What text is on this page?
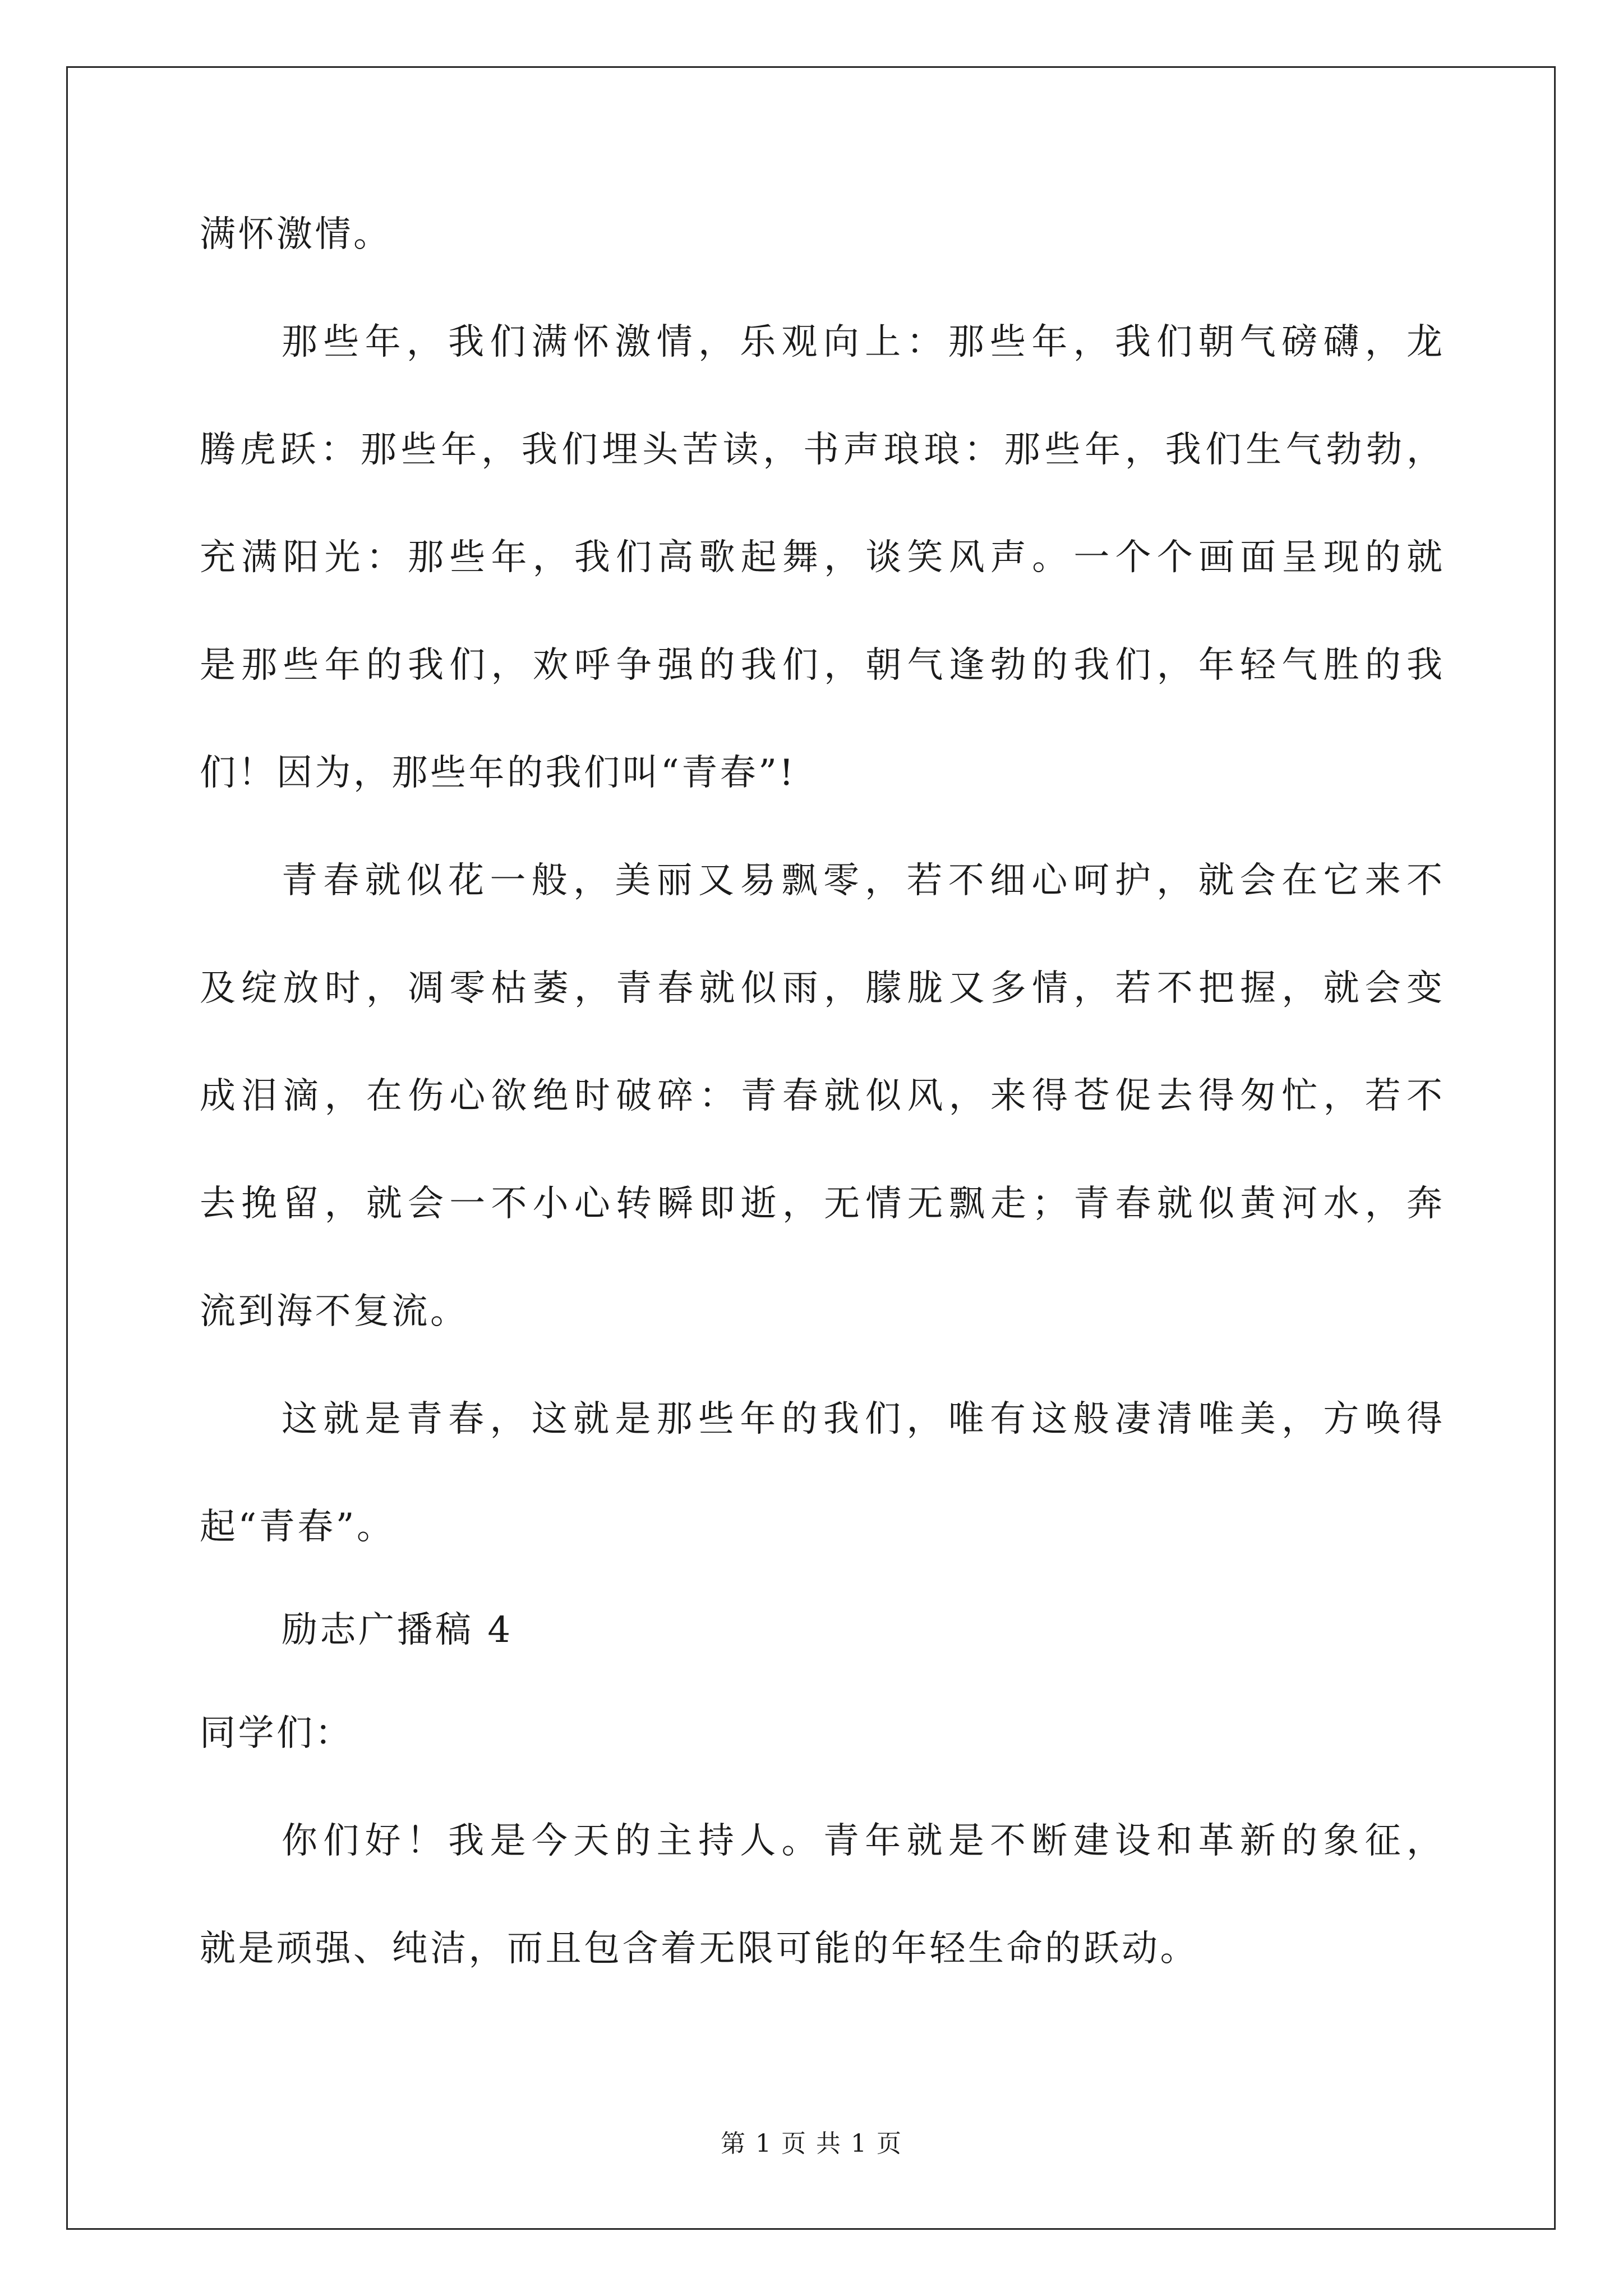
满怀激情。
那些年，我们满怀激情，乐观向上：那些年，我们朝气磅礴，龙
腾虎跃：那些年，我们埋头苦读，书声琅琅：那些年，我们生气勃勃，
充满阳光：那些年，我们高歌起舞，谈笑风声。一个个画面呈现的就
是那些年的我们，欢呼争强的我们，朝气逢勃的我们，年轻气胜的我
们！因为，那些年的我们叫“青春”!
青春就似花一般，美丽又易飘零，若不细心呵护，就会在它来不
及绽放时，凋零枯萎，青春就似雨，朦胧又多情，若不把握，就会变
成泪滴，在伤心欲绝时破碎：青春就似风，来得苍促去得匆忙，若不
去挽留，就会一不小心转瞬即逝，无情无飘走；青春就似黄河水，奔
流到海不复流。
这就是青春，这就是那些年的我们，唯有这般凄清唯美，方唤得
起“青春”。
励志广播稿 4
同学们：
你们好！我是今天的主持人。青年就是不断建设和革新的象征，
就是顽强、纯洁，而且包含着无限可能的年轻生命的跃动。
第 1 页 共 1 页
